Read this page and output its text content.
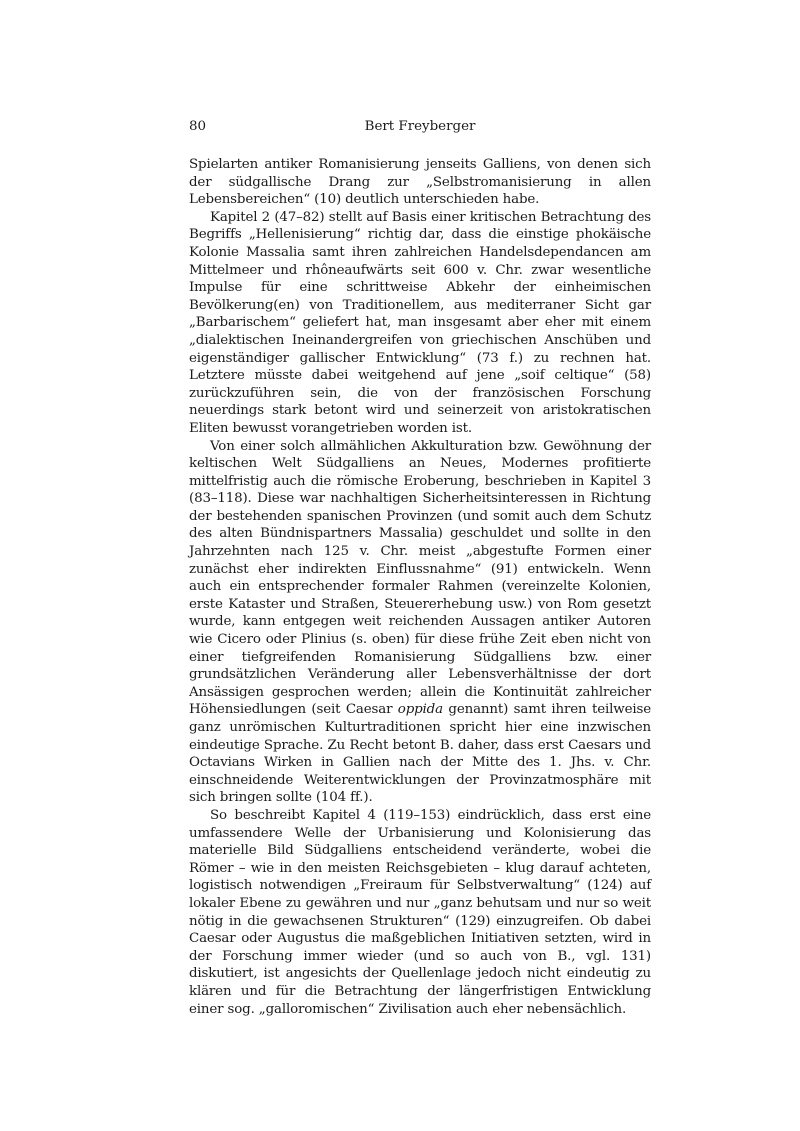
80	Bert Freyberger

Spielarten antiker Romanisierung jenseits Galliens, von denen sich der südgallische Drang zur „Selbstromanisierung in allen Lebensbereichen“ (10) deutlich unterschieden habe.

Kapitel 2 (47–82) stellt auf Basis einer kritischen Betrachtung des Begriffs „Hellenisierung“ richtig dar, dass die einstige phokäische Kolonie Massalia samt ihren zahlreichen Handelsdependancen am Mittelmeer und rhôneaufwärts seit 600 v. Chr. zwar wesentliche Impulse für eine schrittweise Abkehr der einheimischen Bevölkerung(en) von Traditionellem, aus mediterraner Sicht gar „Barbarischem“ geliefert hat, man insgesamt aber eher mit einem „dialektischen Ineinandergreifen von griechischen Anschüben und eigenständiger gallischer Entwicklung“ (73 f.) zu rechnen hat. Letztere müsste dabei weitgehend auf jene „soif celtique“ (58) zurückzuführen sein, die von der französischen Forschung neuerdings stark betont wird und seinerzeit von aristokratischen Eliten bewusst vorangetrieben worden ist.

Von einer solch allmählichen Akkulturation bzw. Gewöhnung der keltischen Welt Südgalliens an Neues, Modernes profitierte mittelfristig auch die römische Eroberung, beschrieben in Kapitel 3 (83–118). Diese war nachhaltigen Sicherheitsinteressen in Richtung der bestehenden spanischen Provinzen (und somit auch dem Schutz des alten Bündnispartners Massalia) geschuldet und sollte in den Jahrzehnten nach 125 v. Chr. meist „abgestufte Formen einer zunächst eher indirekten Einflussnahme“ (91) entwickeln. Wenn auch ein entsprechender formaler Rahmen (vereinzelte Kolonien, erste Kataster und Straßen, Steuererhebung usw.) von Rom gesetzt wurde, kann entgegen weit reichenden Aussagen antiker Autoren wie Cicero oder Plinius (s. oben) für diese frühe Zeit eben nicht von einer tiefgreifenden Romanisierung Südgalliens bzw. einer grundsätzlichen Veränderung aller Lebensverhältnisse der dort Ansässigen gesprochen werden; allein die Kontinuität zahlreicher Höhensiedlungen (seit Caesar oppida genannt) samt ihren teilweise ganz unrömischen Kulturtraditionen spricht hier eine inzwischen eindeutige Sprache. Zu Recht betont B. daher, dass erst Caesars und Octavians Wirken in Gallien nach der Mitte des 1. Jhs. v. Chr. einschneidende Weiterentwicklungen der Provinzatmosphäre mit sich bringen sollte (104 ff.).

So beschreibt Kapitel 4 (119–153) eindrücklich, dass erst eine umfassendere Welle der Urbanisierung und Kolonisierung das materielle Bild Südgalliens entscheidend veränderte, wobei die Römer – wie in den meisten Reichsgebieten – klug darauf achteten, logistisch notwendigen „Freiraum für Selbstverwaltung“ (124) auf lokaler Ebene zu gewähren und nur „ganz behutsam und nur so weit nötig in die gewachsenen Strukturen“ (129) einzugreifen. Ob dabei Caesar oder Augustus die maßgeblichen Initiativen setzten, wird in der Forschung immer wieder (und so auch von B., vgl. 131) diskutiert, ist angesichts der Quellenlage jedoch nicht eindeutig zu klären und für die Betrachtung der längerfristigen Entwicklung einer sog. „galloromischen“ Zivilisation auch eher nebensächlich.
